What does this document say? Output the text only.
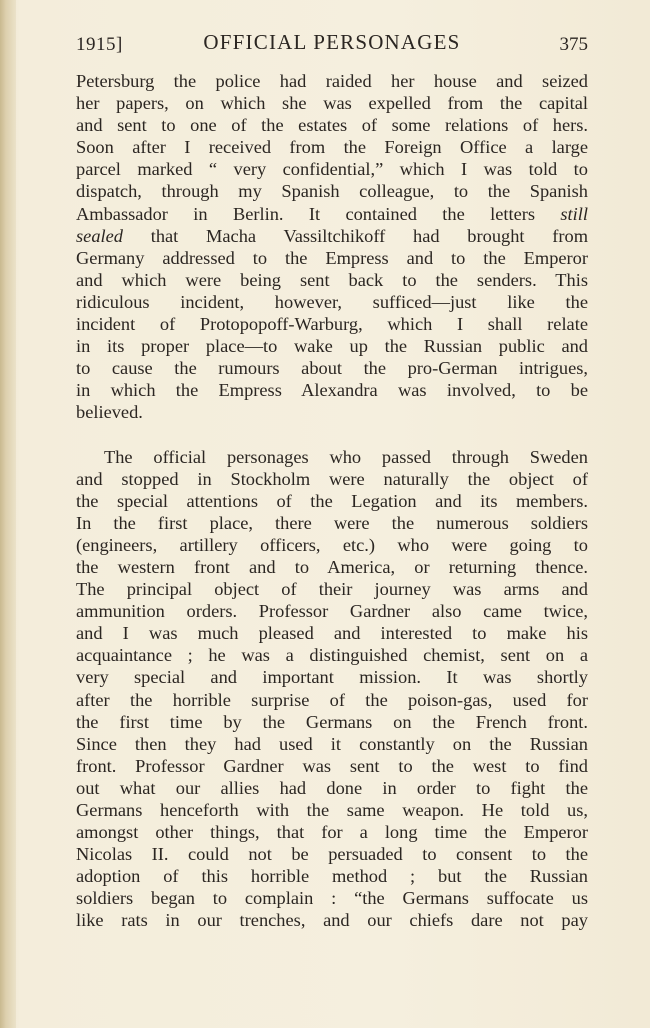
1915]	OFFICIAL PERSONAGES	375

Petersburg the police had raided her house and seized
her papers, on which she was expelled from the capital
and sent to one of the estates of some relations of hers.
Soon after I received from the Foreign Office a large
parcel marked “ very confidential,” which I was told to
dispatch, through my Spanish colleague, to the Spanish
Ambassador in Berlin. It contained the letters still
sealed that Macha Vassiltchikoff had brought from
Germany addressed to the Empress and to the Emperor
and which were being sent back to the senders. This
ridiculous incident, however, sufficed—just like the
incident of Protopopoff-Warburg, which I shall relate
in its proper place—to wake up the Russian public and
to cause the rumours about the pro-German intrigues,
in which the Empress Alexandra was involved, to be
believed.

The official personages who passed through Sweden
and stopped in Stockholm were naturally the object of
the special attentions of the Legation and its members.
In the first place, there were the numerous soldiers
(engineers, artillery officers, etc.) who were going to
the western front and to America, or returning thence.
The principal object of their journey was arms and
ammunition orders. Professor Gardner also came twice,
and I was much pleased and interested to make his
acquaintance ; he was a distinguished chemist, sent on a
very special and important mission. It was shortly
after the horrible surprise of the poison-gas, used for
the first time by the Germans on the French front.
Since then they had used it constantly on the Russian
front. Professor Gardner was sent to the west to find
out what our allies had done in order to fight the
Germans henceforth with the same weapon. He told us,
amongst other things, that for a long time the Emperor
Nicolas II. could not be persuaded to consent to the
adoption of this horrible method ; but the Russian
soldiers began to complain : “the Germans suffocate us
like rats in our trenches, and our chiefs dare not pay
